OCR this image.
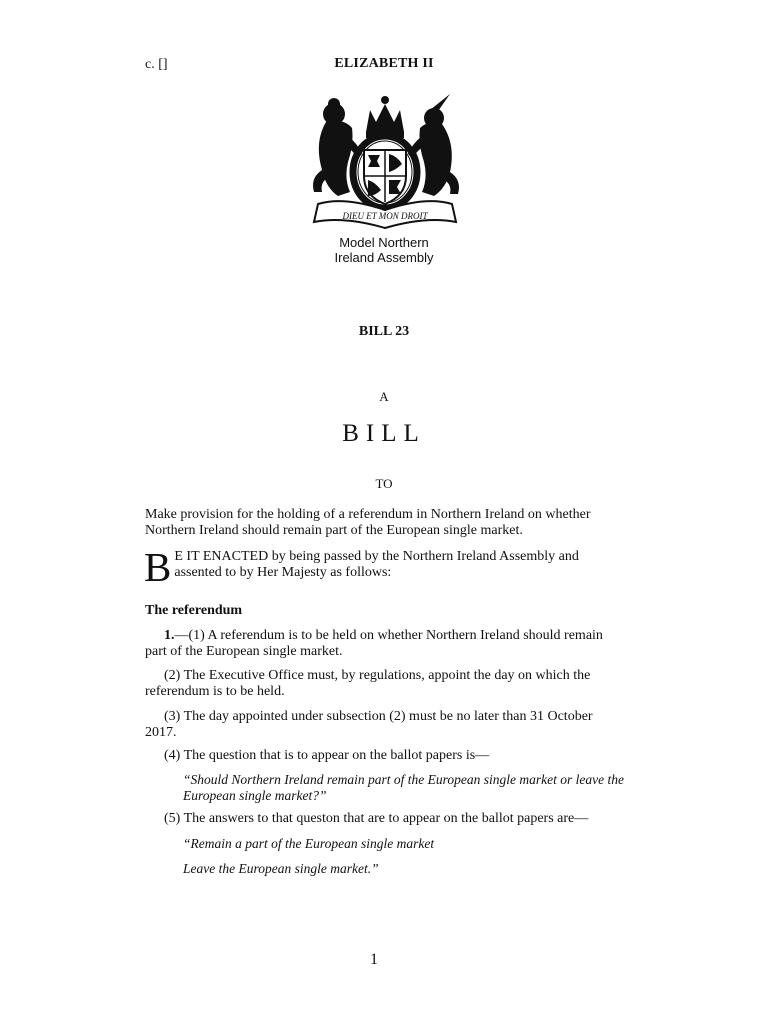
c. []	ELIZABETH II
DIEU ET MON DROIT
Model Northern
Ireland Assembly
BILL 23
A
BILL
TO
Make provision for the holding of a referendum in Northern Ireland on whether Northern Ireland should remain part of the European single market.
B E IT ENACTED by being passed by the Northern Ireland Assembly and assented to by Her Majesty as follows:
The referendum
1.—(1) A referendum is to be held on whether Northern Ireland should remain part of the European single market.
(2) The Executive Office must, by regulations, appoint the day on which the referendum is to be held.
(3) The day appointed under subsection (2) must be no later than 31 October 2017.
(4) The question that is to appear on the ballot papers is—
“Should Northern Ireland remain part of the European single market or leave the European single market?”
(5) The answers to that queston that are to appear on the ballot papers are—
“Remain a part of the European single market
Leave the European single market.”
1
